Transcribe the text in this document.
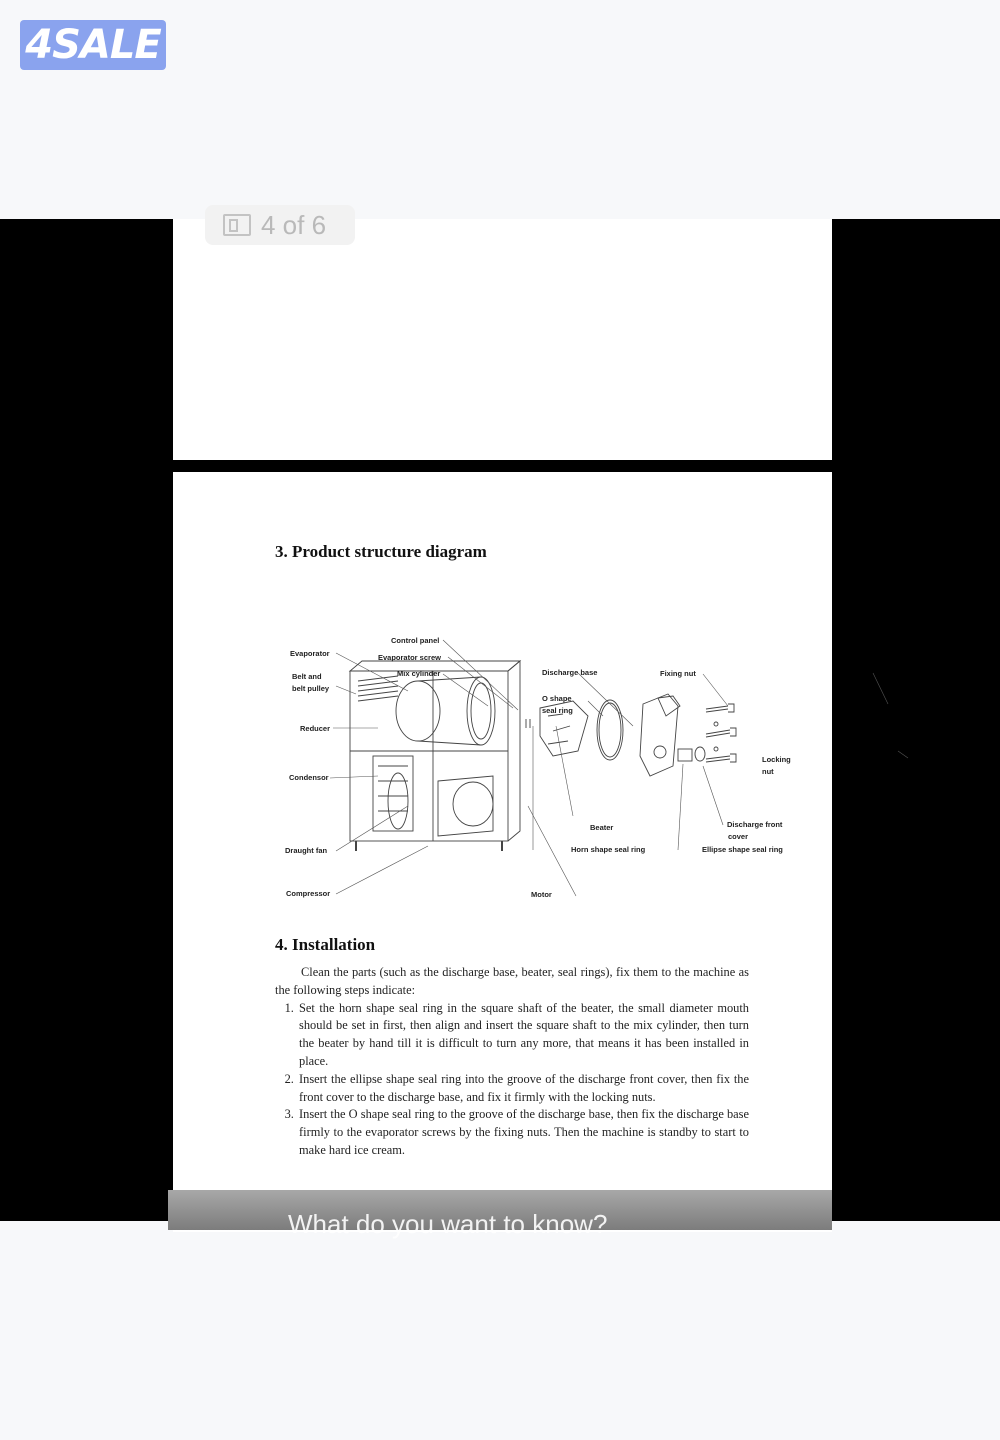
4SALE
4 of 6
3. Product structure diagram
Control panel
Evaporator	Evaporator screw
Mix cylinder
Belt and
belt pulley
Reducer
Condensor
Draught fan
Compressor
Discharge base	Fixing nut
O shape
seal ring
Locking
nut
Beater	Discharge front
cover
Horn shape seal ring	Ellipse shape seal ring
Motor
4. Installation

Clean the parts (such as the discharge base, beater, seal rings), fix them to the machine as the following steps indicate:

1. Set the horn shape seal ring in the square shaft of the beater, the small diameter mouth should be set in first, then align and insert the square shaft to the mix cylinder, then turn the beater by hand till it is difficult to turn any more, that means it has been installed in place.
2. Insert the ellipse shape seal ring into the groove of the discharge front cover, then fix the front cover to the discharge base, and fix it firmly with the locking nuts.
3. Insert the O shape seal ring to the groove of the discharge base, then fix the discharge base firmly to the evaporator screws by the fixing nuts. Then the machine is standby to start to make hard ice cream.
What do you want to know?
